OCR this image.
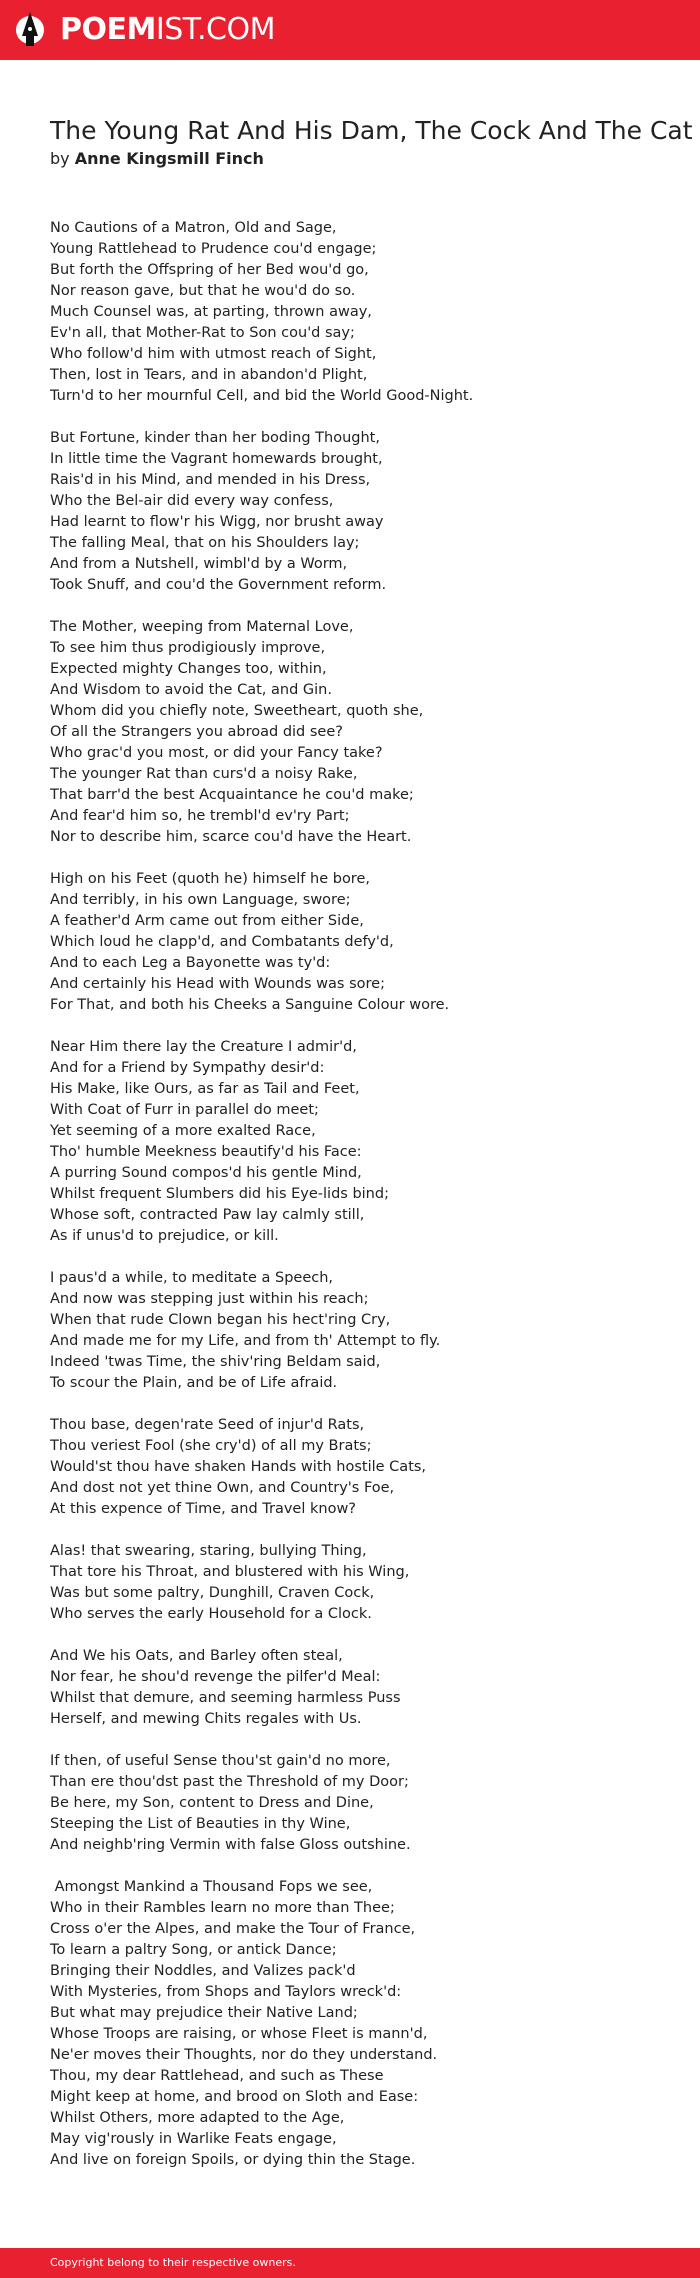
POEMIST.COM
The Young Rat And His Dam, The Cock And The Cat
by Anne Kingsmill Finch
No Cautions of a Matron, Old and Sage,
Young Rattlehead to Prudence cou'd engage;
But forth the Offspring of her Bed wou'd go,
Nor reason gave, but that he wou'd do so.
Much Counsel was, at parting, thrown away,
Ev'n all, that Mother-Rat to Son cou'd say;
Who follow'd him with utmost reach of Sight,
Then, lost in Tears, and in abandon'd Plight,
Turn'd to her mournful Cell, and bid the World Good-Night.
But Fortune, kinder than her boding Thought,
In little time the Vagrant homewards brought,
Rais'd in his Mind, and mended in his Dress,
Who the Bel-air did every way confess,
Had learnt to flow'r his Wigg, nor brusht away
The falling Meal, that on his Shoulders lay;
And from a Nutshell, wimbl'd by a Worm,
Took Snuff, and cou'd the Government reform.
The Mother, weeping from Maternal Love,
To see him thus prodigiously improve,
Expected mighty Changes too, within,
And Wisdom to avoid the Cat, and Gin.
Whom did you chiefly note, Sweetheart, quoth she,
Of all the Strangers you abroad did see?
Who grac'd you most, or did your Fancy take?
The younger Rat than curs'd a noisy Rake,
That barr'd the best Acquaintance he cou'd make;
And fear'd him so, he trembl'd ev'ry Part;
Nor to describe him, scarce cou'd have the Heart.
High on his Feet (quoth he) himself he bore,
And terribly, in his own Language, swore;
A feather'd Arm came out from either Side,
Which loud he clapp'd, and Combatants defy'd,
And to each Leg a Bayonette was ty'd:
And certainly his Head with Wounds was sore;
For That, and both his Cheeks a Sanguine Colour wore.
Near Him there lay the Creature I admir'd,
And for a Friend by Sympathy desir'd:
His Make, like Ours, as far as Tail and Feet,
With Coat of Furr in parallel do meet;
Yet seeming of a more exalted Race,
Tho' humble Meekness beautify'd his Face:
A purring Sound compos'd his gentle Mind,
Whilst frequent Slumbers did his Eye-lids bind;
Whose soft, contracted Paw lay calmly still,
As if unus'd to prejudice, or kill.
I paus'd a while, to meditate a Speech,
And now was stepping just within his reach;
When that rude Clown began his hect'ring Cry,
And made me for my Life, and from th' Attempt to fly.
Indeed 'twas Time, the shiv'ring Beldam said,
To scour the Plain, and be of Life afraid.
Thou base, degen'rate Seed of injur'd Rats,
Thou veriest Fool (she cry'd) of all my Brats;
Would'st thou have shaken Hands with hostile Cats,
And dost not yet thine Own, and Country's Foe,
At this expence of Time, and Travel know?
Alas! that swearing, staring, bullying Thing,
That tore his Throat, and blustered with his Wing,
Was but some paltry, Dunghill, Craven Cock,
Who serves the early Household for a Clock.
And We his Oats, and Barley often steal,
Nor fear, he shou'd revenge the pilfer'd Meal:
Whilst that demure, and seeming harmless Puss
Herself, and mewing Chits regales with Us.
If then, of useful Sense thou'st gain'd no more,
Than ere thou'dst past the Threshold of my Door;
Be here, my Son, content to Dress and Dine,
Steeping the List of Beauties in thy Wine,
And neighb'ring Vermin with false Gloss outshine.
Amongst Mankind a Thousand Fops we see,
Who in their Rambles learn no more than Thee;
Cross o'er the Alpes, and make the Tour of France,
To learn a paltry Song, or antick Dance;
Bringing their Noddles, and Valizes pack'd
With Mysteries, from Shops and Taylors wreck'd:
But what may prejudice their Native Land;
Whose Troops are raising, or whose Fleet is mann'd,
Ne'er moves their Thoughts, nor do they understand.
Thou, my dear Rattlehead, and such as These
Might keep at home, and brood on Sloth and Ease:
Whilst Others, more adapted to the Age,
May vig'rously in Warlike Feats engage,
And live on foreign Spoils, or dying thin the Stage.
Copyright belong to their respective owners.
